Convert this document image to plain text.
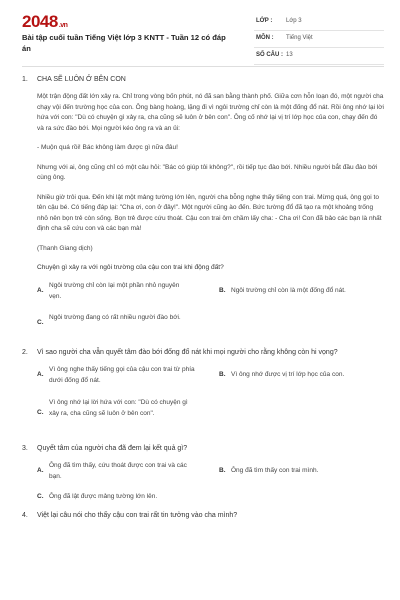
2048.vn
Bài tập cuối tuần Tiếng Việt lớp 3 KNTT - Tuần 12 có đáp án
LỚP : Lớp 3
MÔN : Tiếng Việt
SỐ CÂU : 13
1. CHA SẼ LUÔN Ở BÊN CON

Một trận động đất lớn xảy ra. Chỉ trong vòng bốn phút, nó đã san bằng thành phố. Giữa cơn hỗn loạn đó, một người cha chạy vội đến trường học của con. Ông bàng hoàng, lặng đi vì ngôi trường chỉ còn là một đống đổ nát. Rồi ông nhớ lại lời hứa với con: "Dù có chuyện gì xảy ra, cha cũng sẽ luôn ở bên con". Ông cố nhớ lại vị trí lớp học của con, chạy đến đó và ra sức đào bới. Mọi người kéo ông ra và an ủi:

- Muộn quá rồi! Bác không làm được gì nữa đâu!

Nhưng với ai, ông cũng chỉ có một câu hỏi: "Bác có giúp tôi không?", rồi tiếp tục đào bới. Nhiều người bắt đầu đào bới cùng ông.

Nhiều giờ trôi qua. Đến khi lật một mảng tường lớn lên, người cha bỗng nghe thấy tiếng con trai. Mừng quá, ông gọi to tên cậu bé. Có tiếng đáp lại: "Cha ơi, con ở đây!". Một người cũng ào đến. Bức tường đổ đã tạo ra một khoảng trống nhỏ nên bọn trẻ còn sống. Bọn trẻ được cứu thoát. Cậu con trai ôm chầm lấy cha: - Cha ơi! Con đã bảo các bạn là nhất định cha sẽ cứu con và các bạn mà!

(Thanh Giang dịch)

Chuyện gì xảy ra với ngôi trường của cậu con trai khi động đất?

A.
Ngôi trường chỉ còn lại một phần nhỏ nguyên vẹn.
B. Ngôi trường chỉ còn là một đống đổ nát.
C.
Ngôi trường đang có rất nhiều người đào bới.
2. Vì sao người cha vẫn quyết tâm đào bới đống đổ nát khi mọi người cho rằng không còn hi vọng?
A.
Vì ông nghe thấy tiếng gọi của cậu con trai từ phía dưới đống đổ nát.
B. Vì ông nhớ được vị trí lớp học của con.
C.
Vì ông nhớ lại lời hứa với con: "Dù có chuyện gì xảy ra, cha cũng sẽ luôn ở bên con".
3. Quyết tâm của người cha đã đem lại kết quả gì?
A.
Ông đã tìm thấy, cứu thoát được con trai và các bạn.
B. Ông đã tìm thấy con trai mình.
C. Ông đã lật được mảng tường lớn lên.
4. Việt lại câu nói cho thấy cậu con trai rất tin tưởng vào cha mình?
